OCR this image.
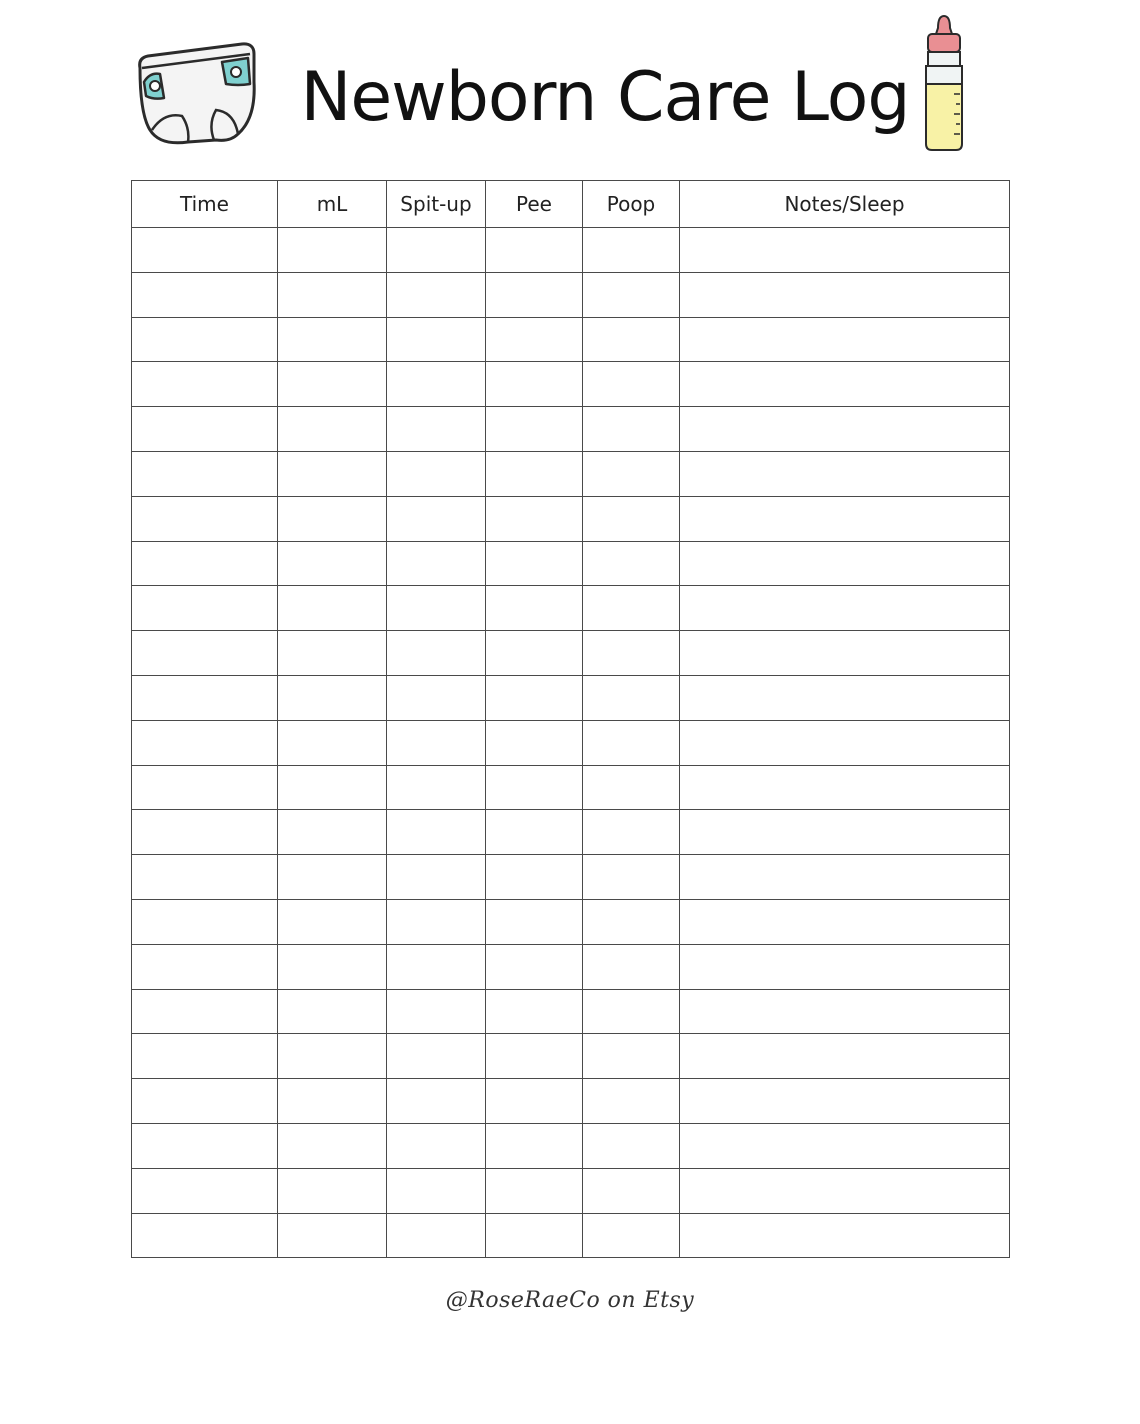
Newborn Care Log
Time	mL	Spit-up	Pee	Poop	Notes/Sleep

@RoseRaeCo on Etsy
